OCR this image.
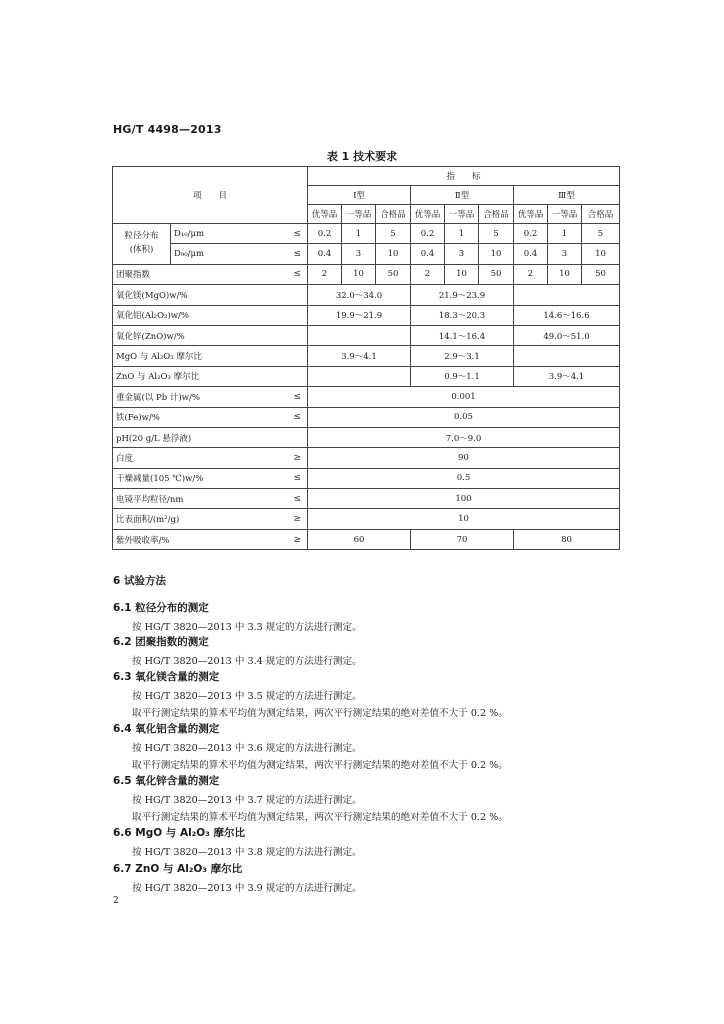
HG/T 4498—2013
表 1 技术要求
项　　目			指　　标								
			Ⅰ型			Ⅱ型			Ⅲ型		
			优等品	一等品	合格品	优等品	一等品	合格品	优等品	一等品	合格品

粒径分布
(体积)	D₁₀/μm	≤	0.2	1	5	0.2	1	5	0.2	1	5
	D₉₀/μm	≤	0.4	3	10	0.4	3	10	0.4	3	10
团聚指数		≤	2	10	50	2	10	50	2	10	50
氧化镁(MgO)w/%			32.0～34.0			21.9～23.9					
氧化铝(Al₂O₃)w/%			19.9～21.9			18.3～20.3			14.6～16.6		
氧化锌(ZnO)w/%						14.1～16.4			49.0～51.0		
MgO 与 Al₂O₃ 摩尔比			3.9～4.1			2.9～3.1					
ZnO 与 Al₂O₃ 摩尔比						0.9～1.1			3.9～4.1		
重金属(以 Pb 计)w/%		≤	0.001								
铁(Fe)w/%		≤	0.05								
pH(20 g/L 悬浮液)			7.0～9.0								
白度		≥	90								
干燥减量(105 ℃)w/%		≤	0.5								
电镜平均粒径/nm		≤	100								
比表面积/(m²/g)		≥	10								
紫外吸收率/%		≥	60			70			80		
6 试验方法
6.1 粒径分布的测定
按 HG/T 3820—2013 中 3.3 规定的方法进行测定。
6.2 团聚指数的测定
按 HG/T 3820—2013 中 3.4 规定的方法进行测定。
6.3 氧化镁含量的测定
按 HG/T 3820—2013 中 3.5 规定的方法进行测定。
取平行测定结果的算术平均值为测定结果，两次平行测定结果的绝对差值不大于 0.2 %。
6.4 氧化铝含量的测定
按 HG/T 3820—2013 中 3.6 规定的方法进行测定。
取平行测定结果的算术平均值为测定结果，两次平行测定结果的绝对差值不大于 0.2 %。
6.5 氧化锌含量的测定
按 HG/T 3820—2013 中 3.7 规定的方法进行测定。
取平行测定结果的算术平均值为测定结果，两次平行测定结果的绝对差值不大于 0.2 %。
6.6 MgO 与 Al₂O₃ 摩尔比
按 HG/T 3820—2013 中 3.8 规定的方法进行测定。
6.7 ZnO 与 Al₂O₃ 摩尔比
按 HG/T 3820—2013 中 3.9 规定的方法进行测定。
2
